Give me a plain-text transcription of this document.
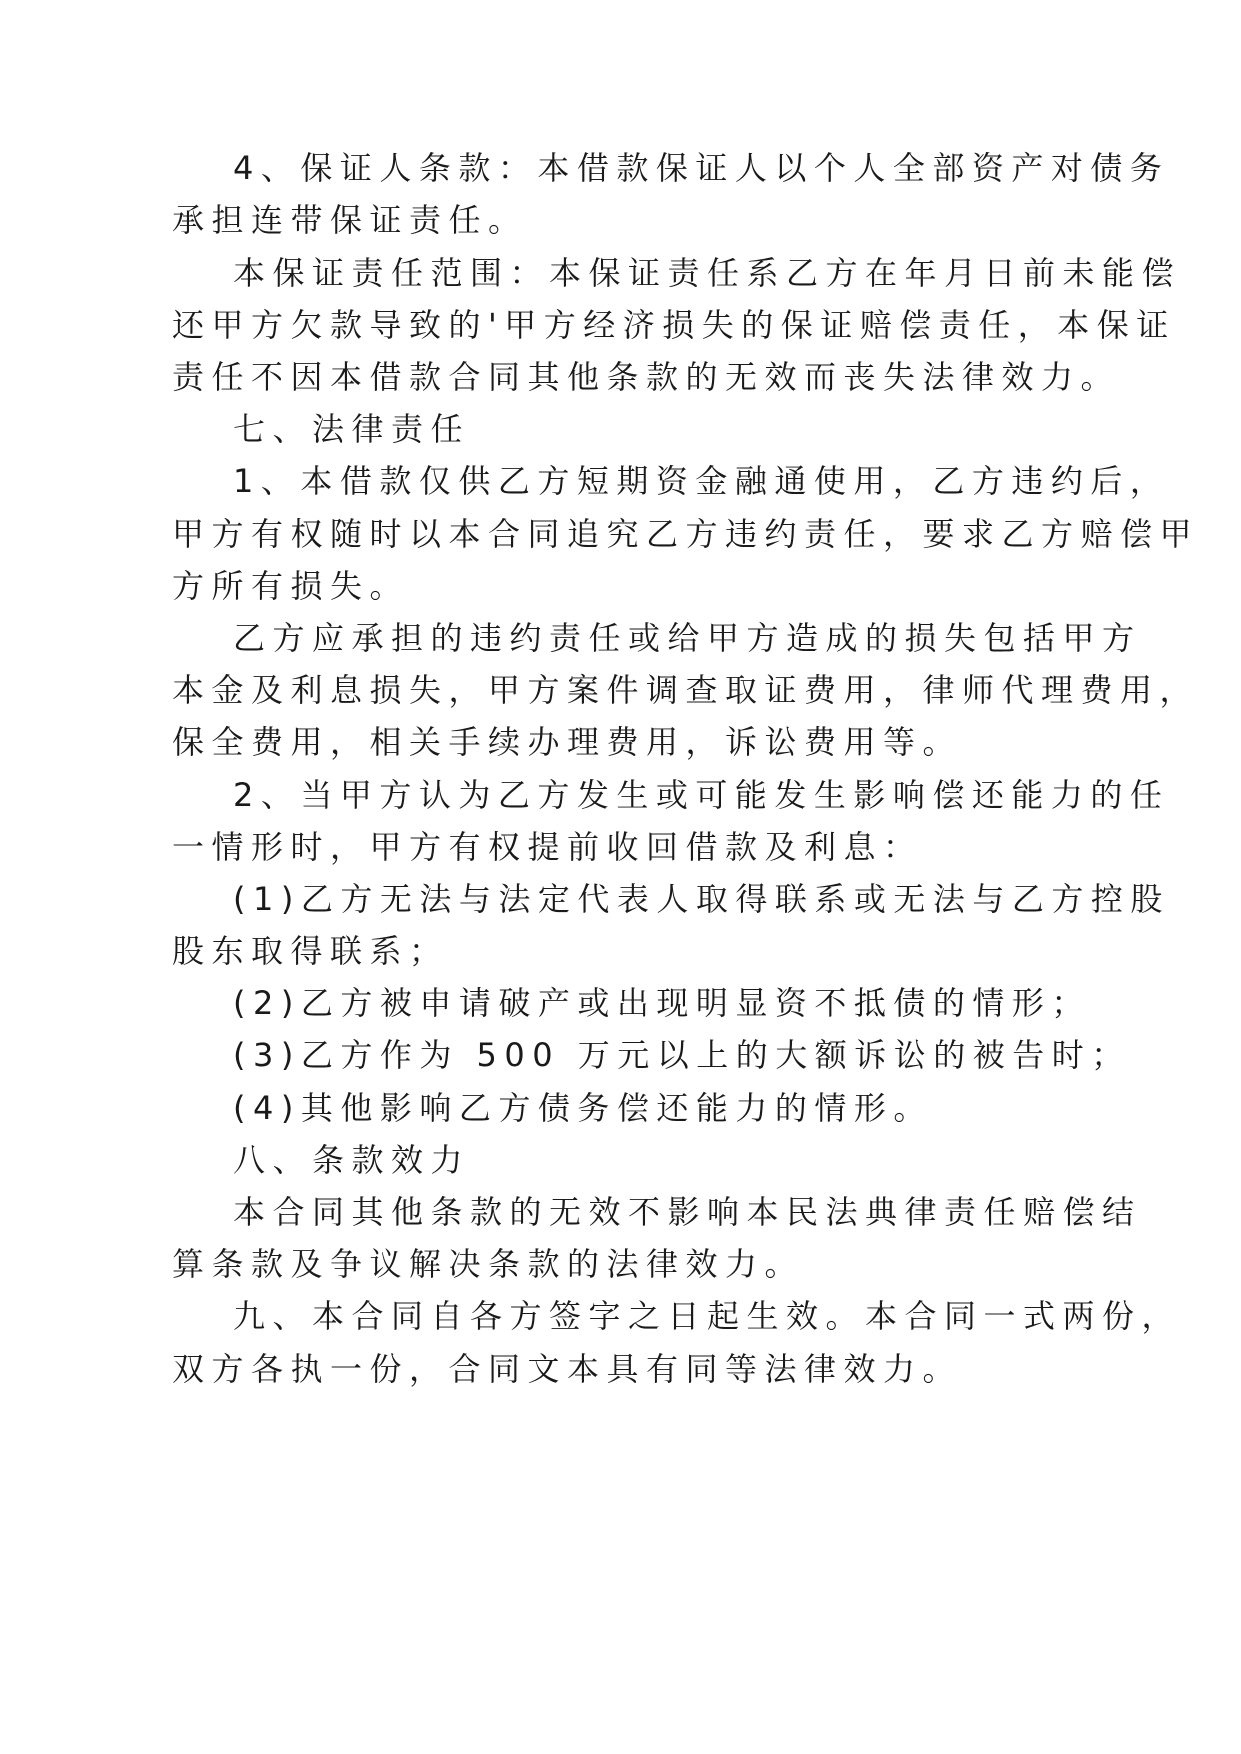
4、保证人条款：本借款保证人以个人全部资产对债务
承担连带保证责任。
本保证责任范围：本保证责任系乙方在年月日前未能偿
还甲方欠款导致的'甲方经济损失的保证赔偿责任，本保证
责任不因本借款合同其他条款的无效而丧失法律效力。
七、法律责任
1、本借款仅供乙方短期资金融通使用，乙方违约后，
甲方有权随时以本合同追究乙方违约责任，要求乙方赔偿甲
方所有损失。
乙方应承担的违约责任或给甲方造成的损失包括甲方
本金及利息损失，甲方案件调查取证费用，律师代理费用，
保全费用，相关手续办理费用，诉讼费用等。
2、当甲方认为乙方发生或可能发生影响偿还能力的任
一情形时，甲方有权提前收回借款及利息：
(1)乙方无法与法定代表人取得联系或无法与乙方控股
股东取得联系；
(2)乙方被申请破产或出现明显资不抵债的情形；
(3)乙方作为 500 万元以上的大额诉讼的被告时；
(4)其他影响乙方债务偿还能力的情形。
八、条款效力
本合同其他条款的无效不影响本民法典律责任赔偿结
算条款及争议解决条款的法律效力。
九、本合同自各方签字之日起生效。本合同一式两份，
双方各执一份，合同文本具有同等法律效力。
